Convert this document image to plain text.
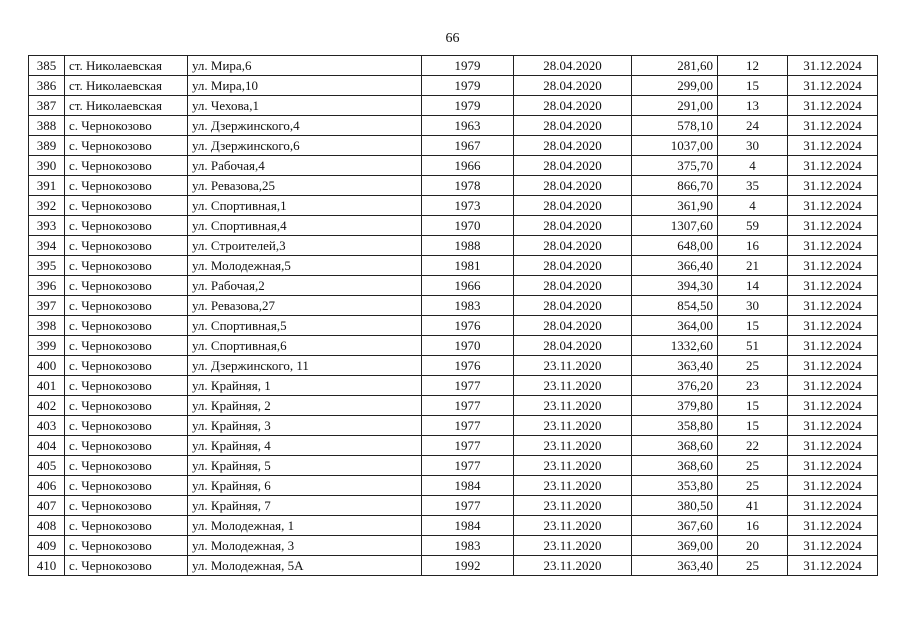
66
385	ст. Николаевская	ул. Мира,6	1979	28.04.2020	281,60	12	31.12.2024
386	ст. Николаевская	ул. Мира,10	1979	28.04.2020	299,00	15	31.12.2024
387	ст. Николаевская	ул. Чехова,1	1979	28.04.2020	291,00	13	31.12.2024
388	с. Чернокозово	ул. Дзержинского,4	1963	28.04.2020	578,10	24	31.12.2024
389	с. Чернокозово	ул. Дзержинского,6	1967	28.04.2020	1037,00	30	31.12.2024
390	с. Чернокозово	ул. Рабочая,4	1966	28.04.2020	375,70	4	31.12.2024
391	с. Чернокозово	ул. Ревазова,25	1978	28.04.2020	866,70	35	31.12.2024
392	с. Чернокозово	ул. Спортивная,1	1973	28.04.2020	361,90	4	31.12.2024
393	с. Чернокозово	ул. Спортивная,4	1970	28.04.2020	1307,60	59	31.12.2024
394	с. Чернокозово	ул. Строителей,3	1988	28.04.2020	648,00	16	31.12.2024
395	с. Чернокозово	ул. Молодежная,5	1981	28.04.2020	366,40	21	31.12.2024
396	с. Чернокозово	ул. Рабочая,2	1966	28.04.2020	394,30	14	31.12.2024
397	с. Чернокозово	ул. Ревазова,27	1983	28.04.2020	854,50	30	31.12.2024
398	с. Чернокозово	ул. Спортивная,5	1976	28.04.2020	364,00	15	31.12.2024
399	с. Чернокозово	ул. Спортивная,6	1970	28.04.2020	1332,60	51	31.12.2024
400	с. Чернокозово	ул. Дзержинского, 11	1976	23.11.2020	363,40	25	31.12.2024
401	с. Чернокозово	ул. Крайняя, 1	1977	23.11.2020	376,20	23	31.12.2024
402	с. Чернокозово	ул. Крайняя, 2	1977	23.11.2020	379,80	15	31.12.2024
403	с. Чернокозово	ул. Крайняя, 3	1977	23.11.2020	358,80	15	31.12.2024
404	с. Чернокозово	ул. Крайняя, 4	1977	23.11.2020	368,60	22	31.12.2024
405	с. Чернокозово	ул. Крайняя, 5	1977	23.11.2020	368,60	25	31.12.2024
406	с. Чернокозово	ул. Крайняя, 6	1984	23.11.2020	353,80	25	31.12.2024
407	с. Чернокозово	ул. Крайняя, 7	1977	23.11.2020	380,50	41	31.12.2024
408	с. Чернокозово	ул. Молодежная, 1	1984	23.11.2020	367,60	16	31.12.2024
409	с. Чернокозово	ул. Молодежная, 3	1983	23.11.2020	369,00	20	31.12.2024
410	с. Чернокозово	ул. Молодежная, 5А	1992	23.11.2020	363,40	25	31.12.2024
